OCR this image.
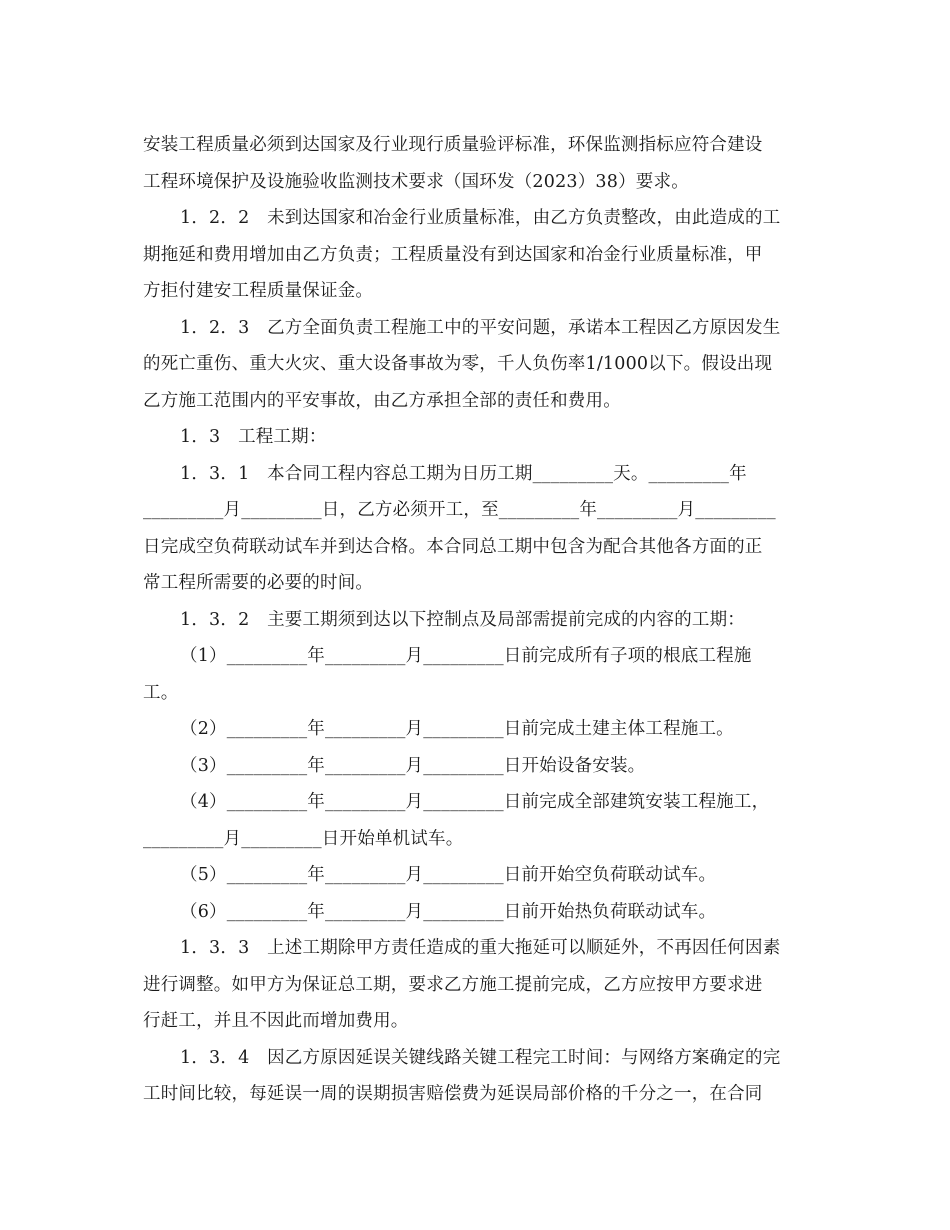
安装工程质量必须到达国家及行业现行质量验评标准，环保监测指标应符合建设
工程环境保护及设施验收监测技术要求（国环发（2023）38）要求。
1．2．2　未到达国家和冶金行业质量标准，由乙方负责整改，由此造成的工
期拖延和费用增加由乙方负责；工程质量没有到达国家和冶金行业质量标准，甲
方拒付建安工程质量保证金。
1．2．3　乙方全面负责工程施工中的平安问题，承诺本工程因乙方原因发生
的死亡重伤、重大火灾、重大设备事故为零，千人负伤率1/1000以下。假设出现
乙方施工范围内的平安事故，由乙方承担全部的责任和费用。
1．3　工程工期：
1．3．1　本合同工程内容总工期为日历工期_________天。_________年
_________月_________日，乙方必须开工，至_________年_________月_________
日完成空负荷联动试车并到达合格。本合同总工期中包含为配合其他各方面的正
常工程所需要的必要的时间。
1．3．2　主要工期须到达以下控制点及局部需提前完成的内容的工期：
（1）_________年_________月_________日前完成所有子项的根底工程施
工。
（2）_________年_________月_________日前完成土建主体工程施工。
（3）_________年_________月_________日开始设备安装。
（4）_________年_________月_________日前完成全部建筑安装工程施工，
_________月_________日开始单机试车。
（5）_________年_________月_________日前开始空负荷联动试车。
（6）_________年_________月_________日前开始热负荷联动试车。
1．3．3　上述工期除甲方责任造成的重大拖延可以顺延外，不再因任何因素
进行调整。如甲方为保证总工期，要求乙方施工提前完成，乙方应按甲方要求进
行赶工，并且不因此而增加费用。
1．3．4　因乙方原因延误关键线路关键工程完工时间：与网络方案确定的完
工时间比较，每延误一周的误期损害赔偿费为延误局部价格的千分之一，在合同
